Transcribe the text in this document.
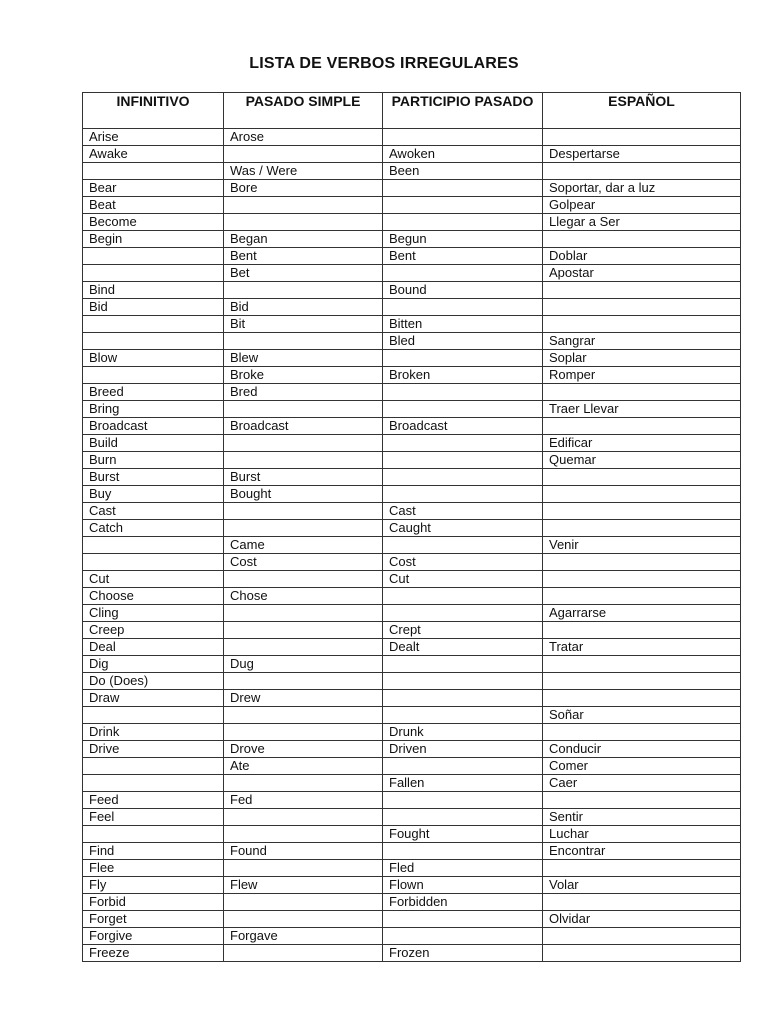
LISTA DE VERBOS IRREGULARES
INFINITIVO	PASADO SIMPLE	PARTICIPIO PASADO	ESPAÑOL
Arise	Arose		
Awake		Awoken	Despertarse
	Was / Were	Been	
Bear	Bore		Soportar, dar a luz
Beat			Golpear
Become			Llegar a Ser
Begin	Began	Begun	
	Bent	Bent	Doblar
	Bet		Apostar
Bind		Bound	
Bid	Bid		
	Bit	Bitten	
		Bled	Sangrar
Blow	Blew		Soplar
	Broke	Broken	Romper
Breed	Bred		
Bring			Traer Llevar
Broadcast	Broadcast	Broadcast	
Build			Edificar
Burn			Quemar
Burst	Burst		
Buy	Bought		
Cast		Cast	
Catch		Caught	
	Came		Venir
	Cost	Cost	
Cut		Cut	
Choose	Chose		
Cling			Agarrarse
Creep		Crept	
Deal		Dealt	Tratar
Dig	Dug		
Do (Does)			
Draw	Drew		
			Soñar
Drink		Drunk	
Drive	Drove	Driven	Conducir
	Ate		Comer
		Fallen	Caer
Feed	Fed		
Feel			Sentir
		Fought	Luchar
Find	Found		Encontrar
Flee		Fled	
Fly	Flew	Flown	Volar
Forbid		Forbidden	
Forget			Olvidar
Forgive	Forgave		
Freeze		Frozen	
